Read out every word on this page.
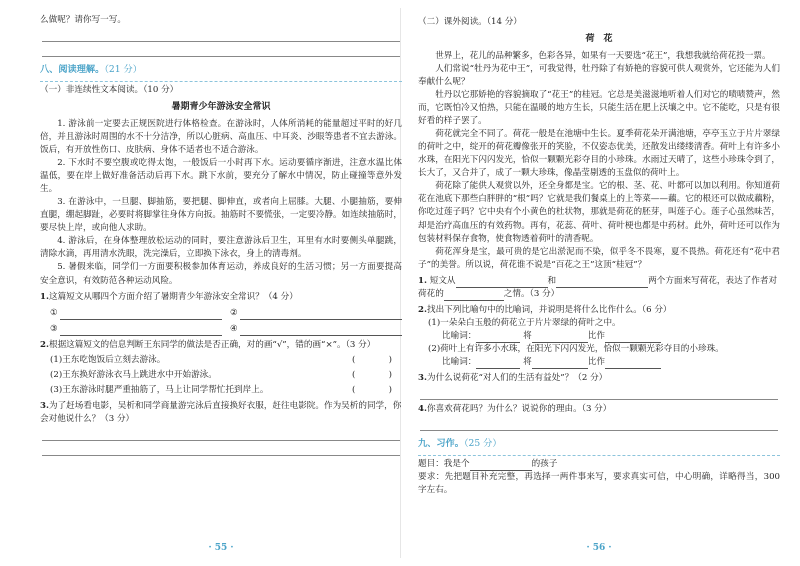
么做呢？请你写一写。

八、阅读理解。（21 分）
（一）非连续性文本阅读。（10 分）
暑期青少年游泳安全常识

1. 游泳前一定要去正规医院进行体格检查。在游泳时，人体所消耗的能量超过平时的好几倍，并且游泳时周围的水不十分洁净，所以心脏病、高血压、中耳炎、沙眼等患者不宜去游泳。饭后，有开放性伤口、皮肤病、身体不适者也不适合游泳。

2. 下水时不要空腹或吃得太饱，一般饭后一小时再下水。运动要循序渐进，注意水温比体温低，要在岸上做好准备活动后再下水。跳下水前，要充分了解水中情况，防止碰撞等意外发生。

3. 在游泳中，一旦腿、脚抽筋，要把腿、脚伸直，或者向上屈膝。大腿、小腿抽筋，要伸直腿，绷起脚趾，必要时将脚掌往身体方向扳。抽筋时不要慌张，一定要冷静。如连续抽筋时，要尽快上岸，或向他人求助。

4. 游泳后，在身体整理放松运动的同时，要注意游泳后卫生，耳里有水时要侧头单腿跳，清除水滴，再用清水洗眼，洗完澡后，立即换下泳衣，身上的清毒剂。

5. 暑假来临，同学们一方面要积极参加体育运动，养成良好的生活习惯；另一方面要提高安全意识，有效防范各种运动风险。

1.这篇短文从哪四个方面介绍了暑期青少年游泳安全常识？（4 分）
①	②
③	④
2.根据这篇短文的信息判断王东同学的做法是否正确，对的画“√”，错的画“×”。（3 分）
(1)王东吃饱饭后立刻去游泳。	(	)
(2)王东换好游泳衣马上跳进水中开始游泳。	(	)
(3)王东游泳时腿严重抽筋了，马上让同学帮忙托到岸上。	(	)
3.为了赶场看电影，吴析和同学商量游完泳后直接换好衣服，赶往电影院。作为吴析的同学，你会对他说什么？（3 分）
· 55 ·
（二）课外阅读。（14 分）
荷　花

世界上，花儿的品种繁多，色彩各异，如果有一天要选“花王”，我想我就给荷花投一票。

人们常说“牡丹为花中王”，可我觉得，牡丹除了有娇艳的容貌可供人观赏外，它还能为人们奉献什么呢？

牡丹以它那娇艳的容貌摘取了“花王”的桂冠。它总是美滋滋地听着人们对它的啧啧赞声，然而，它既怕冷又怕热，只能在温暖的地方生长，只能生活在肥上沃壤之中。它不能吃，只是有很好看的样子罢了。

荷花就完全不同了。荷花一般是在池塘中生长。夏季荷花朵开满池塘，亭亭玉立于片片翠绿的荷叶之中，绽开的荷花瓣像张开的笑脸，不仅姿态优美，还散发出缕缕清香。荷叶上有许多小水珠，在阳光下闪闪发光，恰似一颗颗光彩夺目的小珍珠。水雨过天晴了，这些小珍珠令到了，长大了，又合并了，成了一颗大珍珠，像晶莹剔透的玉盘似的荷叶上。

荷花除了能供人观赏以外，还全身都是宝。它的根、茎、花、叶都可以加以利用。你知道荷花在池底下那些白胖胖的“根”吗？它就是我们餐桌上的上等菜——藕。它的根还可以做成藕粉，你吃过莲子吗？它中央有个小黄色的杜状物，那就是荷花的胚芽，叫莲子心。莲子心虽然味苦，却是治疗高血压的有效药物。再有，花蕊、荷叶、荷叶梗也都是中药材。此外，荷叶还可以作为包装材料保存食物，使食物透着荷叶的清香呢。

荷花浑身是宝，最可贵的是它出淤泥而不染，似乎冬不畏寒，夏不畏热。荷花还有“花中君子”的美誉。所以说，荷花谁不说是“百花之王”这顶“桂冠”？

1. 短文从	和	两个方面来写荷花，表达了作者对荷花的	之情。（3 分）
2.找出下列比喻句中的比喻词，并说明是将什么比作什么。（6 分）
(1)一朵朵白玉般的荷花立于片片翠绿的荷叶之中。
比喻词：	将	比作
(2)荷叶上有许多小水珠，在阳光下闪闪发光，恰似一颗颗光彩夺目的小珍珠。
比喻词：	将	比作
3.为什么说荷花“对人们的生活有益处”？（2 分）
4.你喜欢荷花吗？为什么？说说你的理由。（3 分）
九、习作。（25 分）
题目：我是个	的孩子

要求：先把题目补充完整，再选择一两件事来写，要求真实可信，中心明确，详略得当，300 字左右。

· 56 ·
